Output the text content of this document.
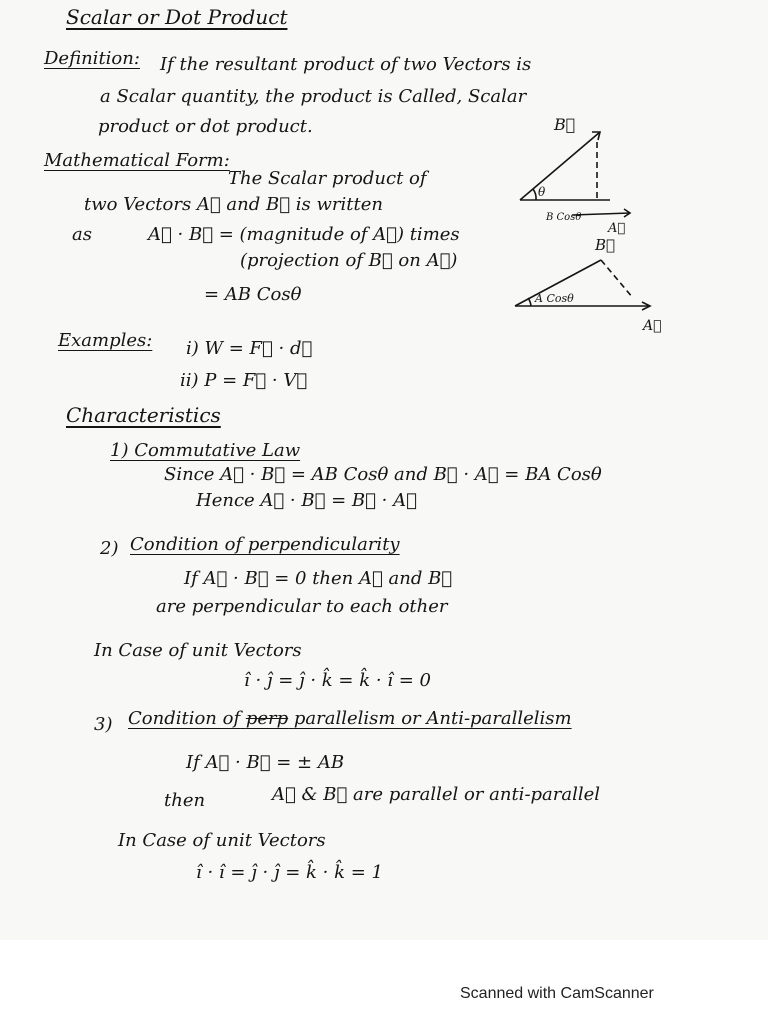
Scalar or Dot Product
Definition: If the resultant product of two Vectors is
a Scalar quantity, the product is Called, Scalar
product or dot product.
Mathematical Form:
The Scalar product of
two Vectors A⃗ and B⃗ is written
as	A⃗ · B⃗ = (magnitude of A⃗) times
(projection of B⃗ on A⃗)
= AB Cosθ
B⃗
θ
B Cosθ
A⃗
B⃗
A Cosθ
A⃗
Examples: i) W = F⃗ · d⃗
ii) P = F⃗ · V⃗
Characteristics
1) Commutative Law
Since A⃗ · B⃗ = AB Cosθ and B⃗ · A⃗ = BA Cosθ
Hence A⃗ · B⃗ = B⃗ · A⃗
2) Condition of perpendicularity
If A⃗ · B⃗ = 0 then A⃗ and B⃗
are perpendicular to each other
In Case of unit Vectors
î · ĵ = ĵ · k̂ = k̂ · î = 0
3) Condition of perp parallelism or Anti-parallelism
If A⃗ · B⃗ = ± AB
then	A⃗ & B⃗ are parallel or anti-parallel
In Case of unit Vectors
î · î = ĵ · ĵ = k̂ · k̂ = 1
Scanned with CamScanner
